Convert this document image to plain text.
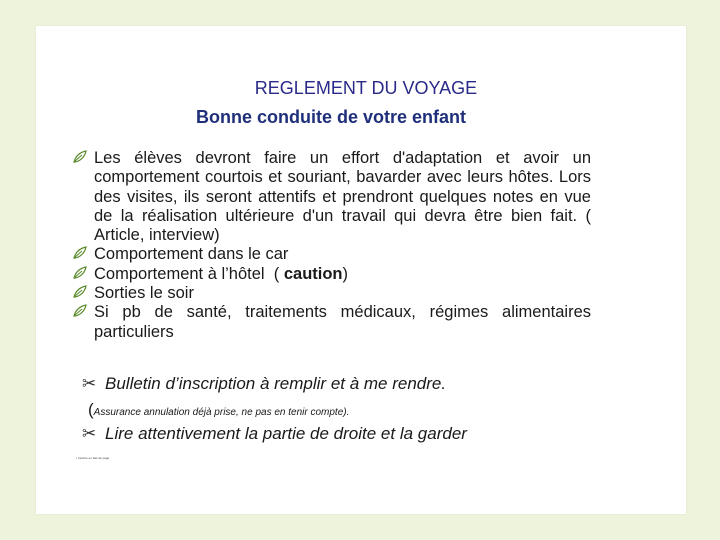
REGLEMENT DU VOYAGE
Bonne conduite de votre enfant
Les élèves devront faire un effort d'adaptation et avoir un comportement courtois et souriant, bavarder avec leurs hôtes. Lors des visites, ils seront attentifs et prendront quelques notes en vue de la réalisation ultérieure d'un travail qui devra être bien fait. ( Article, interview)
Comportement dans le car
Comportement à l’hôtel  ( caution)
Sorties le soir
Si pb de santé, traitements médicaux, régimes alimentaires particuliers
✂ Bulletin d’inscription à remplir et à me rendre.
(Assurance annulation déjà prise, ne pas en tenir compte).
✂ Lire attentivement la partie de droite et la garder
• Inscrire en bas de page
